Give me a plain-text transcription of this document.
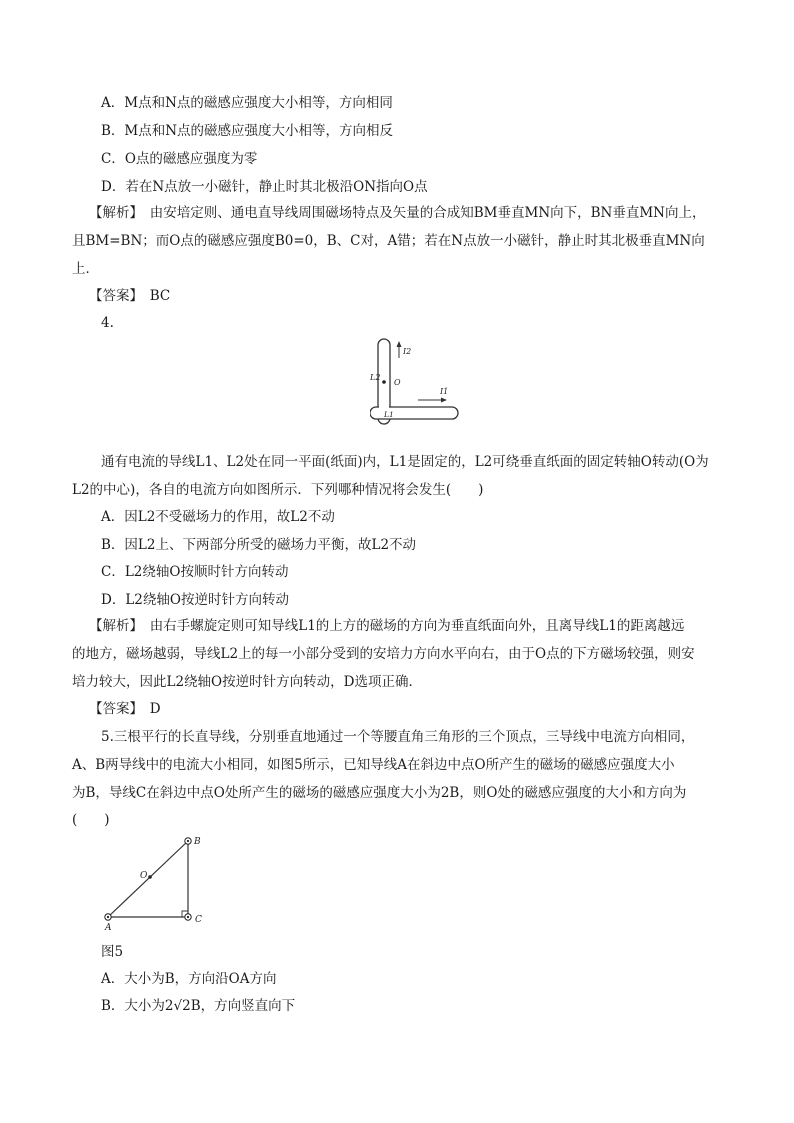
A．M点和N点的磁感应强度大小相等，方向相同
B．M点和N点的磁感应强度大小相等，方向相反
C．O点的磁感应强度为零
D．若在N点放一小磁针，静止时其北极沿ON指向O点
【解析】　由安培定则、通电直导线周围磁场特点及矢量的合成知BM垂直MN向下，BN垂直MN向上，
且BM=BN；而O点的磁感应强度B0=0，B、C对，A错；若在N点放一小磁针，静止时其北极垂直MN向
上．
【答案】　BC
4.
I2
L2
O
I1
L1
通有电流的导线L1、L2处在同一平面(纸面)内，L1是固定的，L2可绕垂直纸面的固定转轴O转动(O为
L2的中心)，各自的电流方向如图所示．下列哪种情况将会发生(　　)
A．因L2不受磁场力的作用，故L2不动
B．因L2上、下两部分所受的磁场力平衡，故L2不动
C．L2绕轴O按顺时针方向转动
D．L2绕轴O按逆时针方向转动
【解析】　由右手螺旋定则可知导线L1的上方的磁场的方向为垂直纸面向外，且离导线L1的距离越远
的地方，磁场越弱，导线L2上的每一小部分受到的安培力方向水平向右，由于O点的下方磁场较强，则安
培力较大，因此L2绕轴O按逆时针方向转动，D选项正确．
【答案】　D
5.三根平行的长直导线，分别垂直地通过一个等腰直角三角形的三个顶点，三导线中电流方向相同，
A、B两导线中的电流大小相同，如图5所示，已知导线A在斜边中点O所产生的磁场的磁感应强度大小
为B，导线C在斜边中点O处所产生的磁场的磁感应强度大小为2B，则O处的磁感应强度的大小和方向为
(　　)
A
B
C
O
图5
A．大小为B，方向沿OA方向
B．大小为2√2B，方向竖直向下
